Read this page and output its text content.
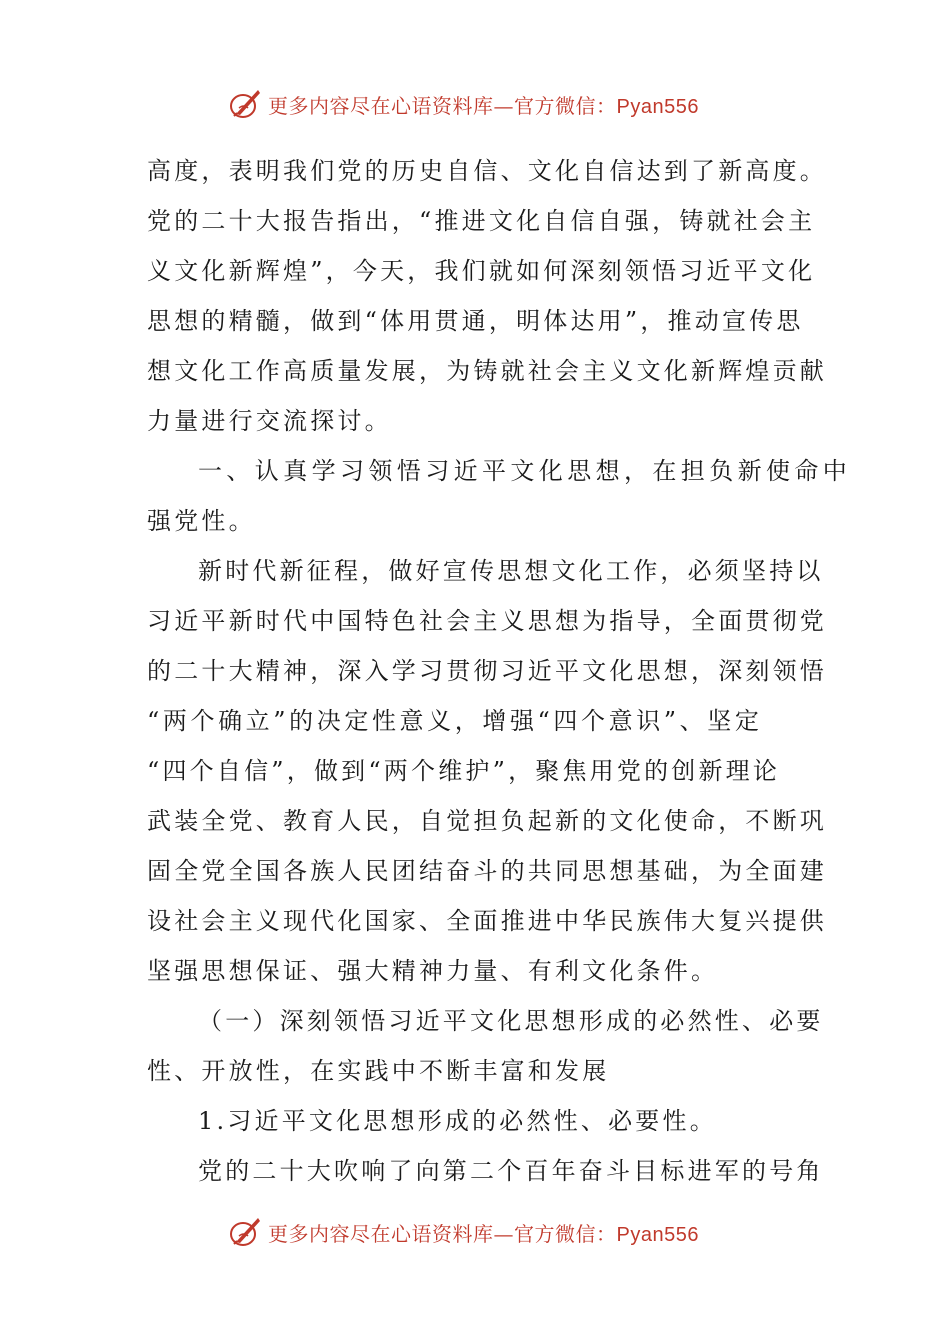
更多内容尽在心语资料库—官方微信：Pyan556
高度，表明我们党的历史自信、文化自信达到了新高度。
党的二十大报告指出，“推进文化自信自强，铸就社会主
义文化新辉煌”，今天，我们就如何深刻领悟习近平文化
思想的精髓，做到“体用贯通，明体达用”，推动宣传思
想文化工作高质量发展，为铸就社会主义文化新辉煌贡献
力量进行交流探讨。
一、认真学习领悟习近平文化思想，在担负新使命中
强党性。
新时代新征程，做好宣传思想文化工作，必须坚持以
习近平新时代中国特色社会主义思想为指导，全面贯彻党
的二十大精神，深入学习贯彻习近平文化思想，深刻领悟
“两个确立”的决定性意义，增强“四个意识”、坚定
“四个自信”，做到“两个维护”，聚焦用党的创新理论
武装全党、教育人民，自觉担负起新的文化使命，不断巩
固全党全国各族人民团结奋斗的共同思想基础，为全面建
设社会主义现代化国家、全面推进中华民族伟大复兴提供
坚强思想保证、强大精神力量、有利文化条件。
（一）深刻领悟习近平文化思想形成的必然性、必要
性、开放性，在实践中不断丰富和发展
1.习近平文化思想形成的必然性、必要性。
党的二十大吹响了向第二个百年奋斗目标进军的号角
更多内容尽在心语资料库—官方微信：Pyan556
